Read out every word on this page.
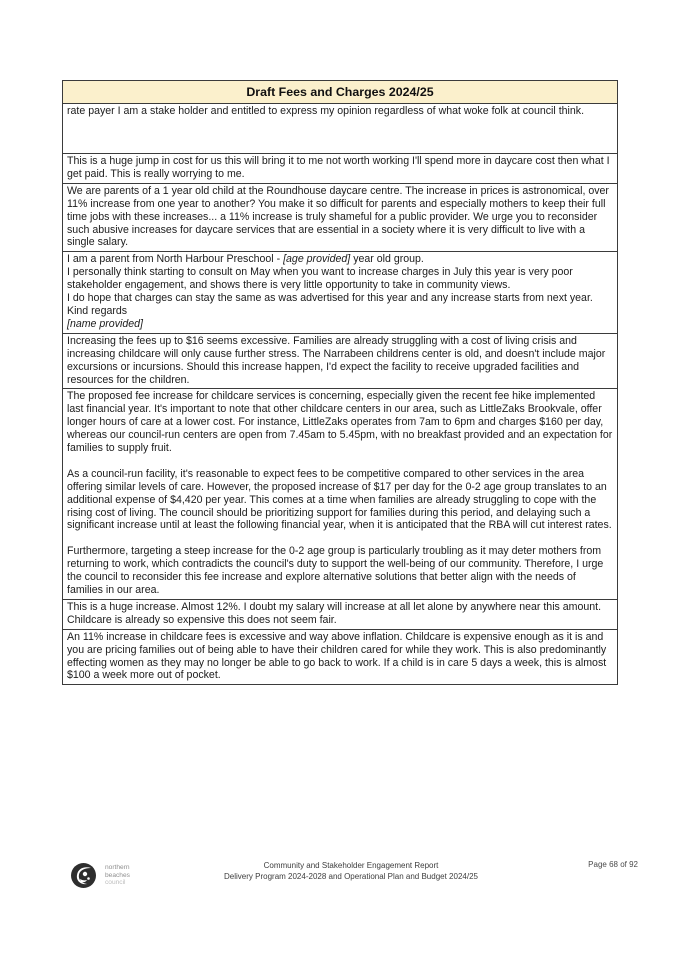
Draft Fees and Charges 2024/25

rate payer I am a stake holder and entitled to express my opinion regardless of what woke folk at council think.

This is a huge jump in cost for us this will bring it to me not worth working I'll spend more in daycare cost then what I get paid. This is really worrying to me.

We are parents of a 1 year old child at the Roundhouse daycare centre. The increase in prices is astronomical, over 11% increase from one year to another? You make it so difficult for parents and especially mothers to keep their full time jobs with these increases... a 11% increase is truly shameful for a public provider. We urge you to reconsider such abusive increases for daycare services that are essential in a society where it is very difficult to live with a single salary.

I am a parent from North Harbour Preschool - [age provided] year old group.

I personally think starting to consult on May when you want to increase charges in July this year is very poor stakeholder engagement, and shows there is very little opportunity to take in community views.

I do hope that charges can stay the same as was advertised for this year and any increase starts from next year.

Kind regards

[name provided]

Increasing the fees up to $16 seems excessive. Families are already struggling with a cost of living crisis and increasing childcare will only cause further stress. The Narrabeen childrens center is old, and doesn't include major excursions or incursions. Should this increase happen, I'd expect the facility to receive upgraded facilities and resources for the children.

The proposed fee increase for childcare services is concerning, especially given the recent fee hike implemented last financial year. It's important to note that other childcare centers in our area, such as LittleZaks Brookvale, offer longer hours of care at a lower cost. For instance, LittleZaks operates from 7am to 6pm and charges $160 per day, whereas our council-run centers are open from 7.45am to 5.45pm, with no breakfast provided and an expectation for families to supply fruit.

As a council-run facility, it's reasonable to expect fees to be competitive compared to other services in the area offering similar levels of care. However, the proposed increase of $17 per day for the 0-2 age group translates to an additional expense of $4,420 per year. This comes at a time when families are already struggling to cope with the rising cost of living. The council should be prioritizing support for families during this period, and delaying such a significant increase until at least the following financial year, when it is anticipated that the RBA will cut interest rates.

Furthermore, targeting a steep increase for the 0-2 age group is particularly troubling as it may deter mothers from returning to work, which contradicts the council's duty to support the well-being of our community. Therefore, I urge the council to reconsider this fee increase and explore alternative solutions that better align with the needs of families in our area.

This is a huge increase. Almost 12%. I doubt my salary will increase at all let alone by anywhere near this amount. Childcare is already so expensive this does not seem fair.

An 11% increase in childcare fees is excessive and way above inflation. Childcare is expensive enough as it is and you are pricing families out of being able to have their children cared for while they work. This is also predominantly effecting women as they may no longer be able to go back to work. If a child is in care 5 days a week, this is almost $100 a week more out of pocket.

northern
beaches
council
Community and Stakeholder Engagement Report
Delivery Program 2024-2028 and Operational Plan and Budget 2024/25
Page 68 of 92
